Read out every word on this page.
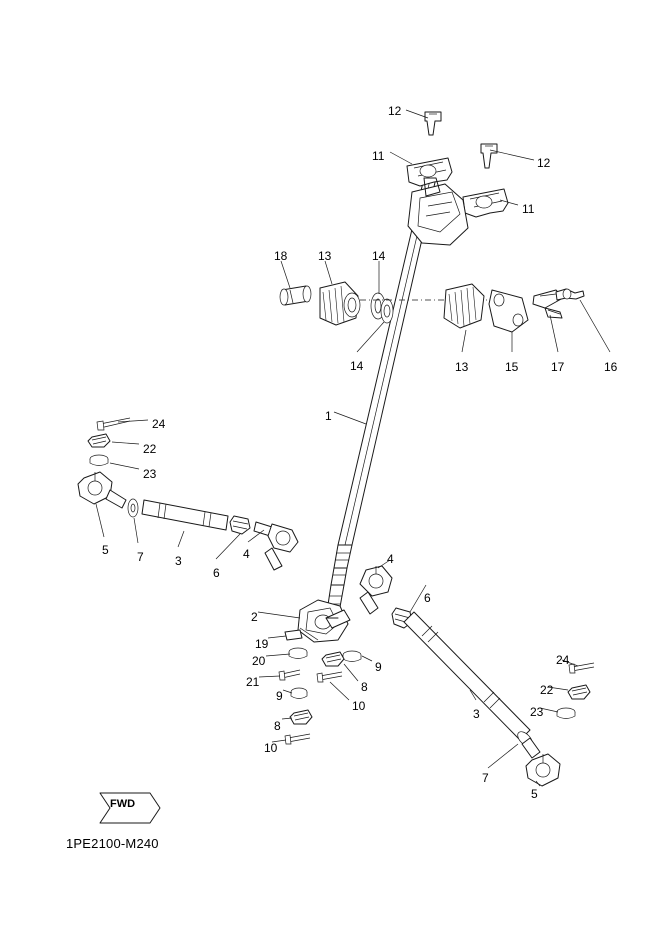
12
11	12
11
18	13	14
14	13	15	17	16
1
24
22
23
5 7	3
6
4	4
6
2
19
20
21
9
8
10
9
8
10
24
22
23
3
7
5
FWD
1PE2100-M240
